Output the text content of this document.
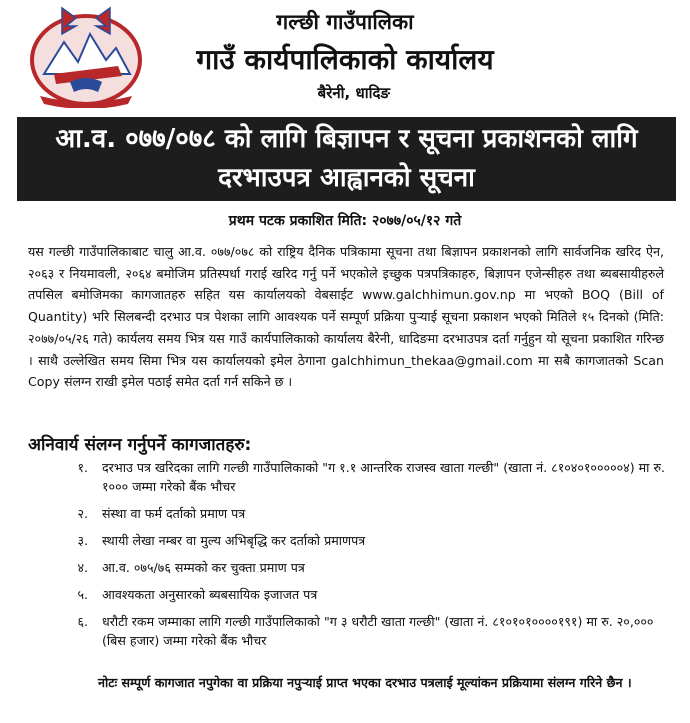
गल्छी गाउँपालिका
गाउँ कार्यपालिकाको कार्यालय
बैरेनी, धादिङ
आ.व. ०७७/०७८ को लागि बिज्ञापन र सूचना प्रकाशनको लागि दरभाउपत्र आह्वानको सूचना
प्रथम पटक प्रकाशित मिति: २०७७/०५/१२ गते
यस गल्छी गाउँपालिकाबाट चालु आ.व. ०७७/०७८ को राष्ट्रिय दैनिक पत्रिकामा सूचना तथा बिज्ञापन प्रकाशनको लागि सार्वजनिक खरिद ऐन, २०६३ र नियमावली, २०६४ बमोजिम प्रतिस्पर्धा गराई खरिद गर्नु पर्ने भएकोले इच्छुक पत्रपत्रिकाहरु, बिज्ञापन एजेन्सीहरु तथा ब्यबसायीहरुले तपसिल बमोजिमका कागजातहरु सहित यस कार्यालयको वेबसाईट www.galchhimun.gov.np मा भएको BOQ (Bill of Quantity) भरि सिलबन्दी दरभाउ पत्र पेशका लागि आवश्यक पर्ने सम्पूर्ण प्रक्रिया पुऱ्याई सूचना प्रकाशन भएको मितिले १५ दिनको (मिति: २०७७/०५/२६ गते) कार्यलय समय भित्र यस गाउँ कार्यपालिकाको कार्यालय बैरेनी, धादिङमा दरभाउपत्र दर्ता गर्नुहुन यो सूचना प्रकाशित गरिन्छ । साथै उल्लेखित समय सिमा भित्र यस कार्यालयको इमेल ठेगाना galchhimun_thekaa@gmail.com मा सबै कागजातको Scan Copy संलग्न राखी इमेल पठाई समेत दर्ता गर्न सकिने छ ।
अनिवार्य संलग्न गर्नुपर्ने कागजातहरु:
१.	दरभाउ पत्र खरिदका लागि गल्छी गाउँपालिकाको "ग १.१ आन्तरिक राजस्व खाता गल्छी" (खाता नं. ८१०४०१०००००४) मा रु. १००० जम्मा गरेको बैंक भौचर
२.	संस्था वा फर्म दर्ताको प्रमाण पत्र
३.	स्थायी लेखा नम्बर वा मुल्य अभिबृद्धि कर दर्ताको प्रमाणपत्र
४.	आ.व. ०७५/७६ सम्मको कर चुक्ता प्रमाण पत्र
५.	आवश्यकता अनुसारको ब्यबसायिक इजाजत पत्र
६.	धरौटी रकम जम्माका लागि गल्छी गाउँपालिकाको "ग ३ धरौटी खाता गल्छी" (खाता नं. ८१०१०१००००१९१) मा रु. २०,००० (बिस हजार) जम्मा गरेको बैंक भौचर
नोटः सम्पूर्ण कागजात नपुगेका वा प्रक्रिया नपुऱ्याई प्राप्त भएका दरभाउ पत्रलाई मूल्यांकन प्रक्रियामा संलग्न गरिने छैन ।
